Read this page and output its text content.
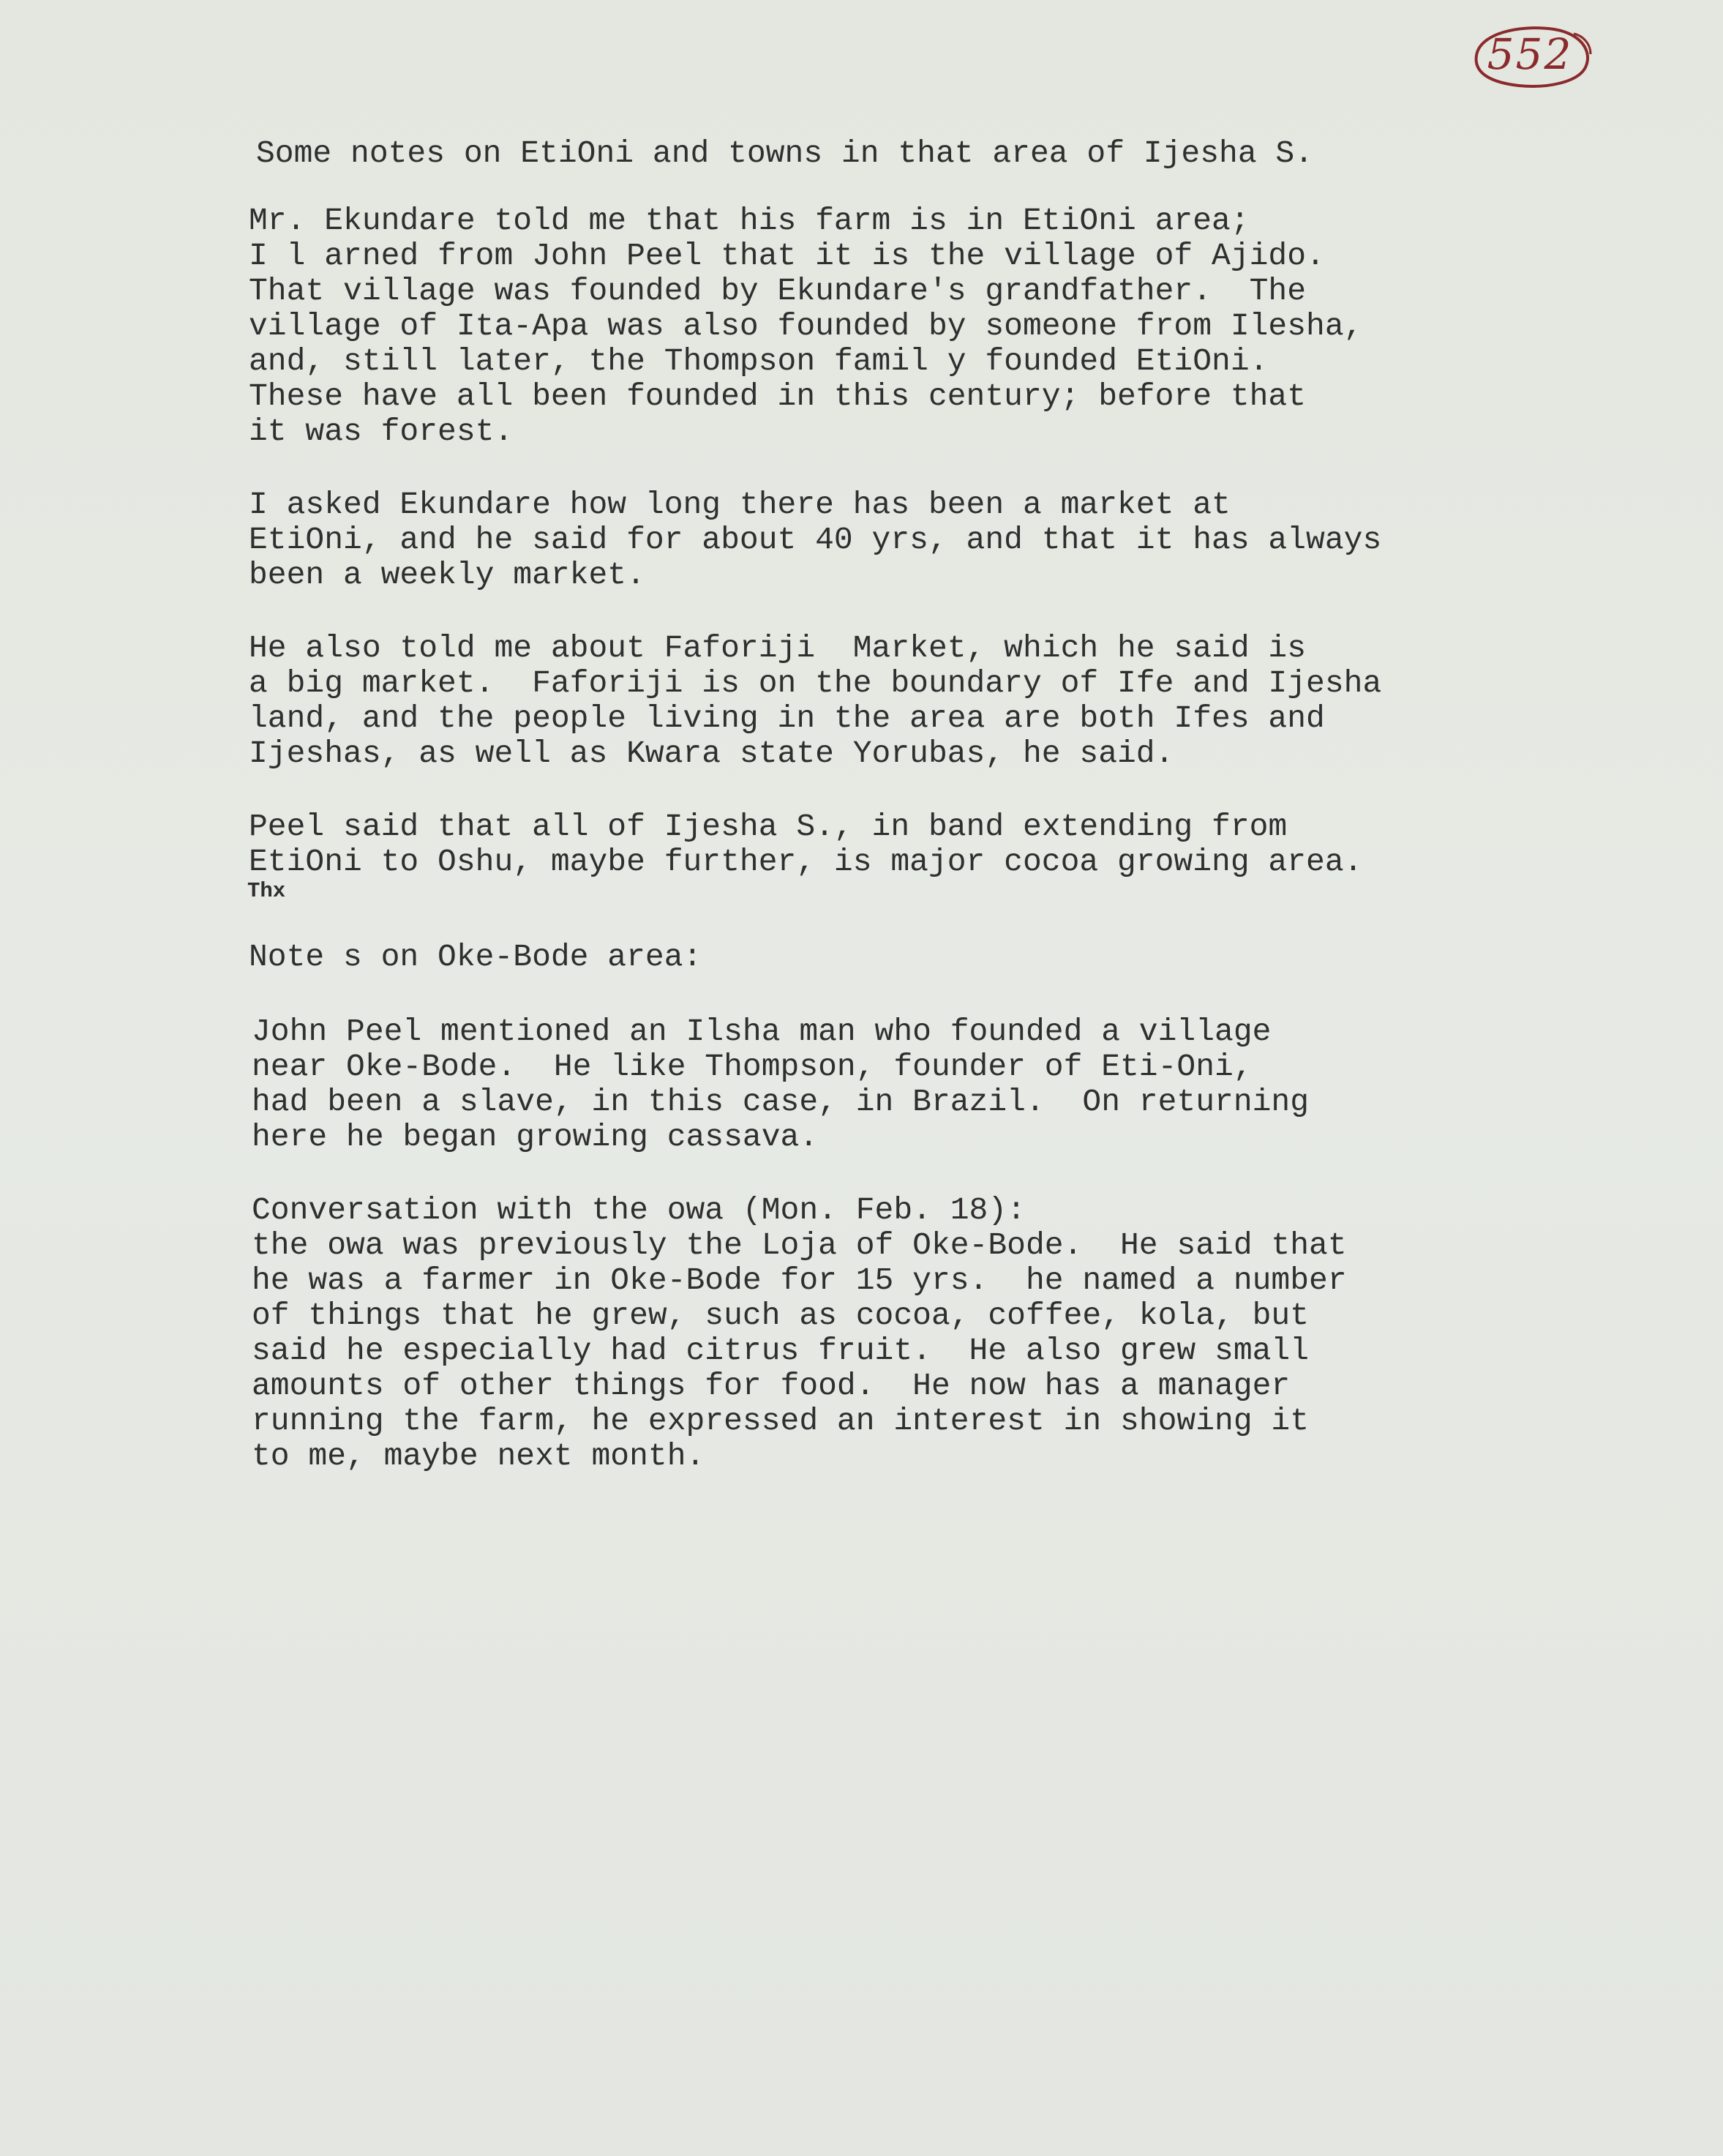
552
Some notes on EtiOni and towns in that area of Ijesha S.
Mr. Ekundare told me that his farm is in EtiOni area;
I l arned from John Peel that it is the village of Ajido.
That village was founded by Ekundare's grandfather.  The
village of Ita-Apa was also founded by someone from Ilesha,
and, still later, the Thompson famil y founded EtiOni.
These have all been founded in this century; before that
it was forest.
I asked Ekundare how long there has been a market at
EtiOni, and he said for about 40 yrs, and that it has always
been a weekly market.
He also told me about Faforiji  Market, which he said is
a big market.  Faforiji is on the boundary of Ife and Ijesha
land, and the people living in the area are both Ifes and
Ijeshas, as well as Kwara state Yorubas, he said.
Peel said that all of Ijesha S., in band extending from
EtiOni to Oshu, maybe further, is major cocoa growing area.
Thx
Note s on Oke-Bode area:
John Peel mentioned an Ilsha man who founded a village
near Oke-Bode.  He like Thompson, founder of Eti-Oni,
had been a slave, in this case, in Brazil.  On returning
here he began growing cassava.
Conversation with the owa (Mon. Feb. 18):
the owa was previously the Loja of Oke-Bode.  He said that
he was a farmer in Oke-Bode for 15 yrs.  he named a number
of things that he grew, such as cocoa, coffee, kola, but
said he especially had citrus fruit.  He also grew small
amounts of other things for food.  He now has a manager
running the farm, he expressed an interest in showing it
to me, maybe next month.
